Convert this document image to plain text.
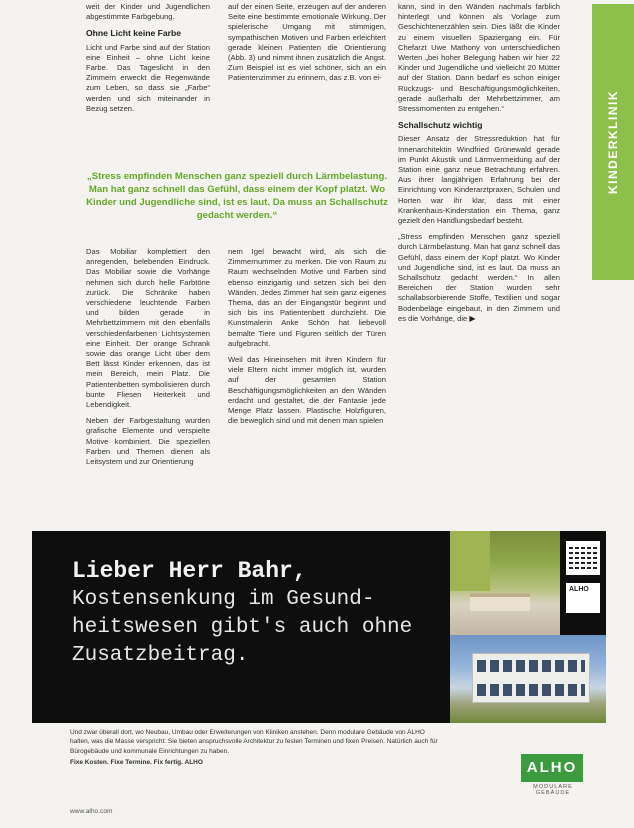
KINDERKLINIK

weit der Kinder und Jugendlichen abgestimmte Farbgebung.

Ohne Licht keine Farbe

Licht und Farbe sind auf der Station eine Einheit – ohne Licht keine Farbe. Das Tageslicht in den Zimmern erweckt die Regenwände zum Leben, so dass sie „Farbe“ werden und sich miteinander in Bezug setzen.

auf der einen Seite, erzeugen auf der anderen Seite eine bestimmte emotionale Wirkung. Der spielerische Umgang mit stimmigen, sympathischen Motiven und Farben erleichtert gerade kleinen Patienten die Orientierung (Abb. 3) und nimmt ihnen zusätzlich die Angst. Zum Beispiel ist es viel schöner, sich an ein Patientenzimmer zu erinnern, das z.B. von ei-

kann, sind in den Wänden nachmals farblich hinterlegt und können als Vorlage zum Geschichtenerzählen sein. Dies läßt die Kinder zu einem visuellen Spaziergang ein. Für Chefarzt Uwe Mathony von unterschiedlichen Werten „bei hoher Belegung haben wir hier 22 Kinder und Jugendliche und vielleicht 20 Mütter auf der Station. Dann bedarf es schon einiger Rückzugs- und Beschäftigungsmöglichkeiten, gerade außerhalb der Mehrbettzimmer, am Stressmomenten zu entgehen.“

Schallschutz wichtig

Dieser Ansatz der Stressreduktion hat für Innenarchitektin Windfried Grünewald gerade im Punkt Akustik und Lärmvermeidung auf der Station eine ganz neue Betrachtung erfahren. Aus ihrer langjährigen Erfahrung bei der Einrichtung von Kinderarztpraxen, Schulen und Horten war ihr klar, dass mit einer Krankenhaus-Kinderstation ein Thema, ganz gezielt den Handlungsbedarf besteht.

„Stress empfinden Menschen ganz speziell durch Lärmbelastung. Man hat ganz schnell das Gefühl, dass einem der Kopf platzt. Wo Kinder und Jugendliche sind, ist es laut. Da muss an Schallschutz gedacht werden.“ In allen Bereichen der Station wurden sehr schallabsorbierende Stoffe, Textilien und sogar Bodenbeläge eingebaut, in den Zimmern und es die Vorhänge, die ▶

„Stress empfinden Menschen ganz speziell durch Lärmbelastung. Man hat ganz schnell das Gefühl, dass einem der Kopf platzt. Wo Kinder und Jugendliche sind, ist es laut. Da muss an Schallschutz gedacht werden.“

Das Mobiliar komplettiert den anregenden, belebenden Eindruck. Das Mobiliar sowie die Vorhänge nehmen sich durch helle Farbtöne zurück. Die Schränke haben verschiedene leuchtende Farben und bilden gerade in Mehrbettzimmern mit den ebenfalls verschiedenfarbenen Lichtsystemen eine Einheit. Der orange Schrank sowie das orange Licht über dem Bett lässt Kinder erkennen, das ist mein Bereich, mein Platz. Die Patientenbetten symbolisieren durch bunte Fliesen Heiterkeit und Lebendigkeit.

Neben der Farbgestaltung wurden grafische Elemente und verspielte Motive kombiniert. Die speziellen Farben und Themen dienen als Leitsystem und zur Orientierung

nem Igel bewacht wird, als sich die Zimmernummer zu merken. Die von Raum zu Raum wechselnden Motive und Farben sind ebenso einzigartig und setzen sich bei den Wänden. Jedes Zimmer hat sein ganz eigenes Thema, das an der Eingangstür beginnt und sich bis ins Patientenbett durchzieht. Die Kunstmalerin Anke Schön hat liebevoll bemalte Tiere und Figuren seitlich der Türen aufgebracht.

Weil das Hineinsehen mit ihren Kindern für viele Eltern nicht immer möglich ist, wurden auf der gesamten Station Beschäftigungsmöglichkeiten an den Wänden erdacht und gestaltet, die der Fantasie jede Menge Platz lassen. Plastische Holzfiguren, die beweglich sind und mit denen man spielen

Lieber Herr Bahr,
Kostensenkung im Gesund-
heitswesen gibt's auch ohne
Zusatzbeitrag.
ALHO

Und zwar überall dort, wo Neubau, Umbau oder Erweiterungen von Kliniken anstehen. Denn modulare Gebäude von ALHO halten, was die Masse verspricht: Sie bieten anspruchsvolle Architektur zu festen Terminen und fixen Preisen. Natürlich auch für Bürogebäude und kommunale Einrichtungen zu haben.

Fixe Kosten. Fixe Termine. Fix fertig. ALHO	ALHO
MODULARE GEBÄUDE
www.alho.com
